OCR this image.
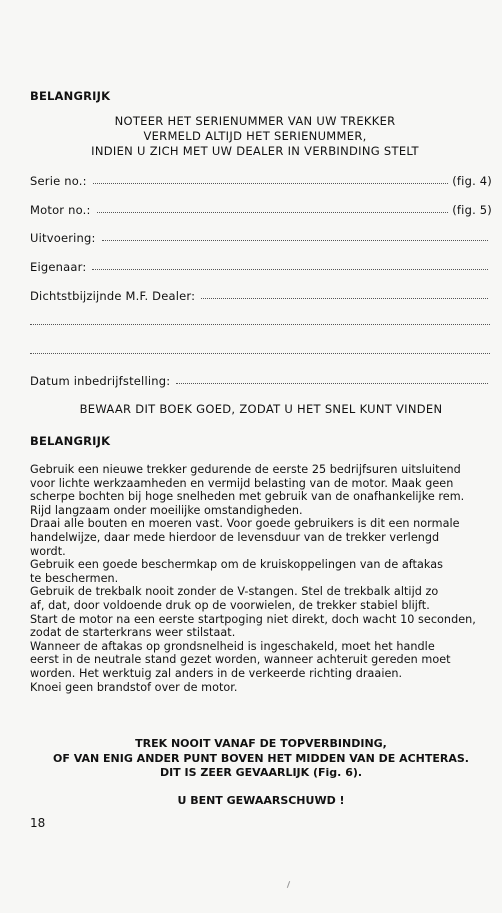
BELANGRIJK
NOTEER HET SERIENUMMER VAN UW TREKKER
VERMELD ALTIJD HET SERIENUMMER,
INDIEN U ZICH MET UW DEALER IN VERBINDING STELT
Serie no.:	(fig. 4)
Motor no.:	(fig. 5)
Uitvoering:
Eigenaar:
Dichtstbijzijnde M.F. Dealer:
Datum inbedrijfstelling:
BEWAAR DIT BOEK GOED, ZODAT U HET SNEL KUNT VINDEN
BELANGRIJK
Gebruik een nieuwe trekker gedurende de eerste 25 bedrijfsuren uitsluitend
voor lichte werkzaamheden en vermijd belasting van de motor. Maak geen
scherpe bochten bij hoge snelheden met gebruik van de onafhankelijke rem.
Rijd langzaam onder moeilijke omstandigheden.
Draai alle bouten en moeren vast. Voor goede gebruikers is dit een normale
handelwijze, daar mede hierdoor de levensduur van de trekker verlengd
wordt.
Gebruik een goede beschermkap om de kruiskoppelingen van de aftakas
te beschermen.
Gebruik de trekbalk nooit zonder de V-stangen. Stel de trekbalk altijd zo
af, dat, door voldoende druk op de voorwielen, de trekker stabiel blijft.
Start de motor na een eerste startpoging niet direkt, doch wacht 10 seconden,
zodat de starterkrans weer stilstaat.
Wanneer de aftakas op grondsnelheid is ingeschakeld, moet het handle
eerst in de neutrale stand gezet worden, wanneer achteruit gereden moet
worden. Het werktuig zal anders in de verkeerde richting draaien.
Knoei geen brandstof over de motor.
TREK NOOIT VANAF DE TOPVERBINDING,
OF VAN ENIG ANDER PUNT BOVEN HET MIDDEN VAN DE ACHTERAS.
DIT IS ZEER GEVAARLIJK (Fig. 6).
U BENT GEWAARSCHUWD !
18
